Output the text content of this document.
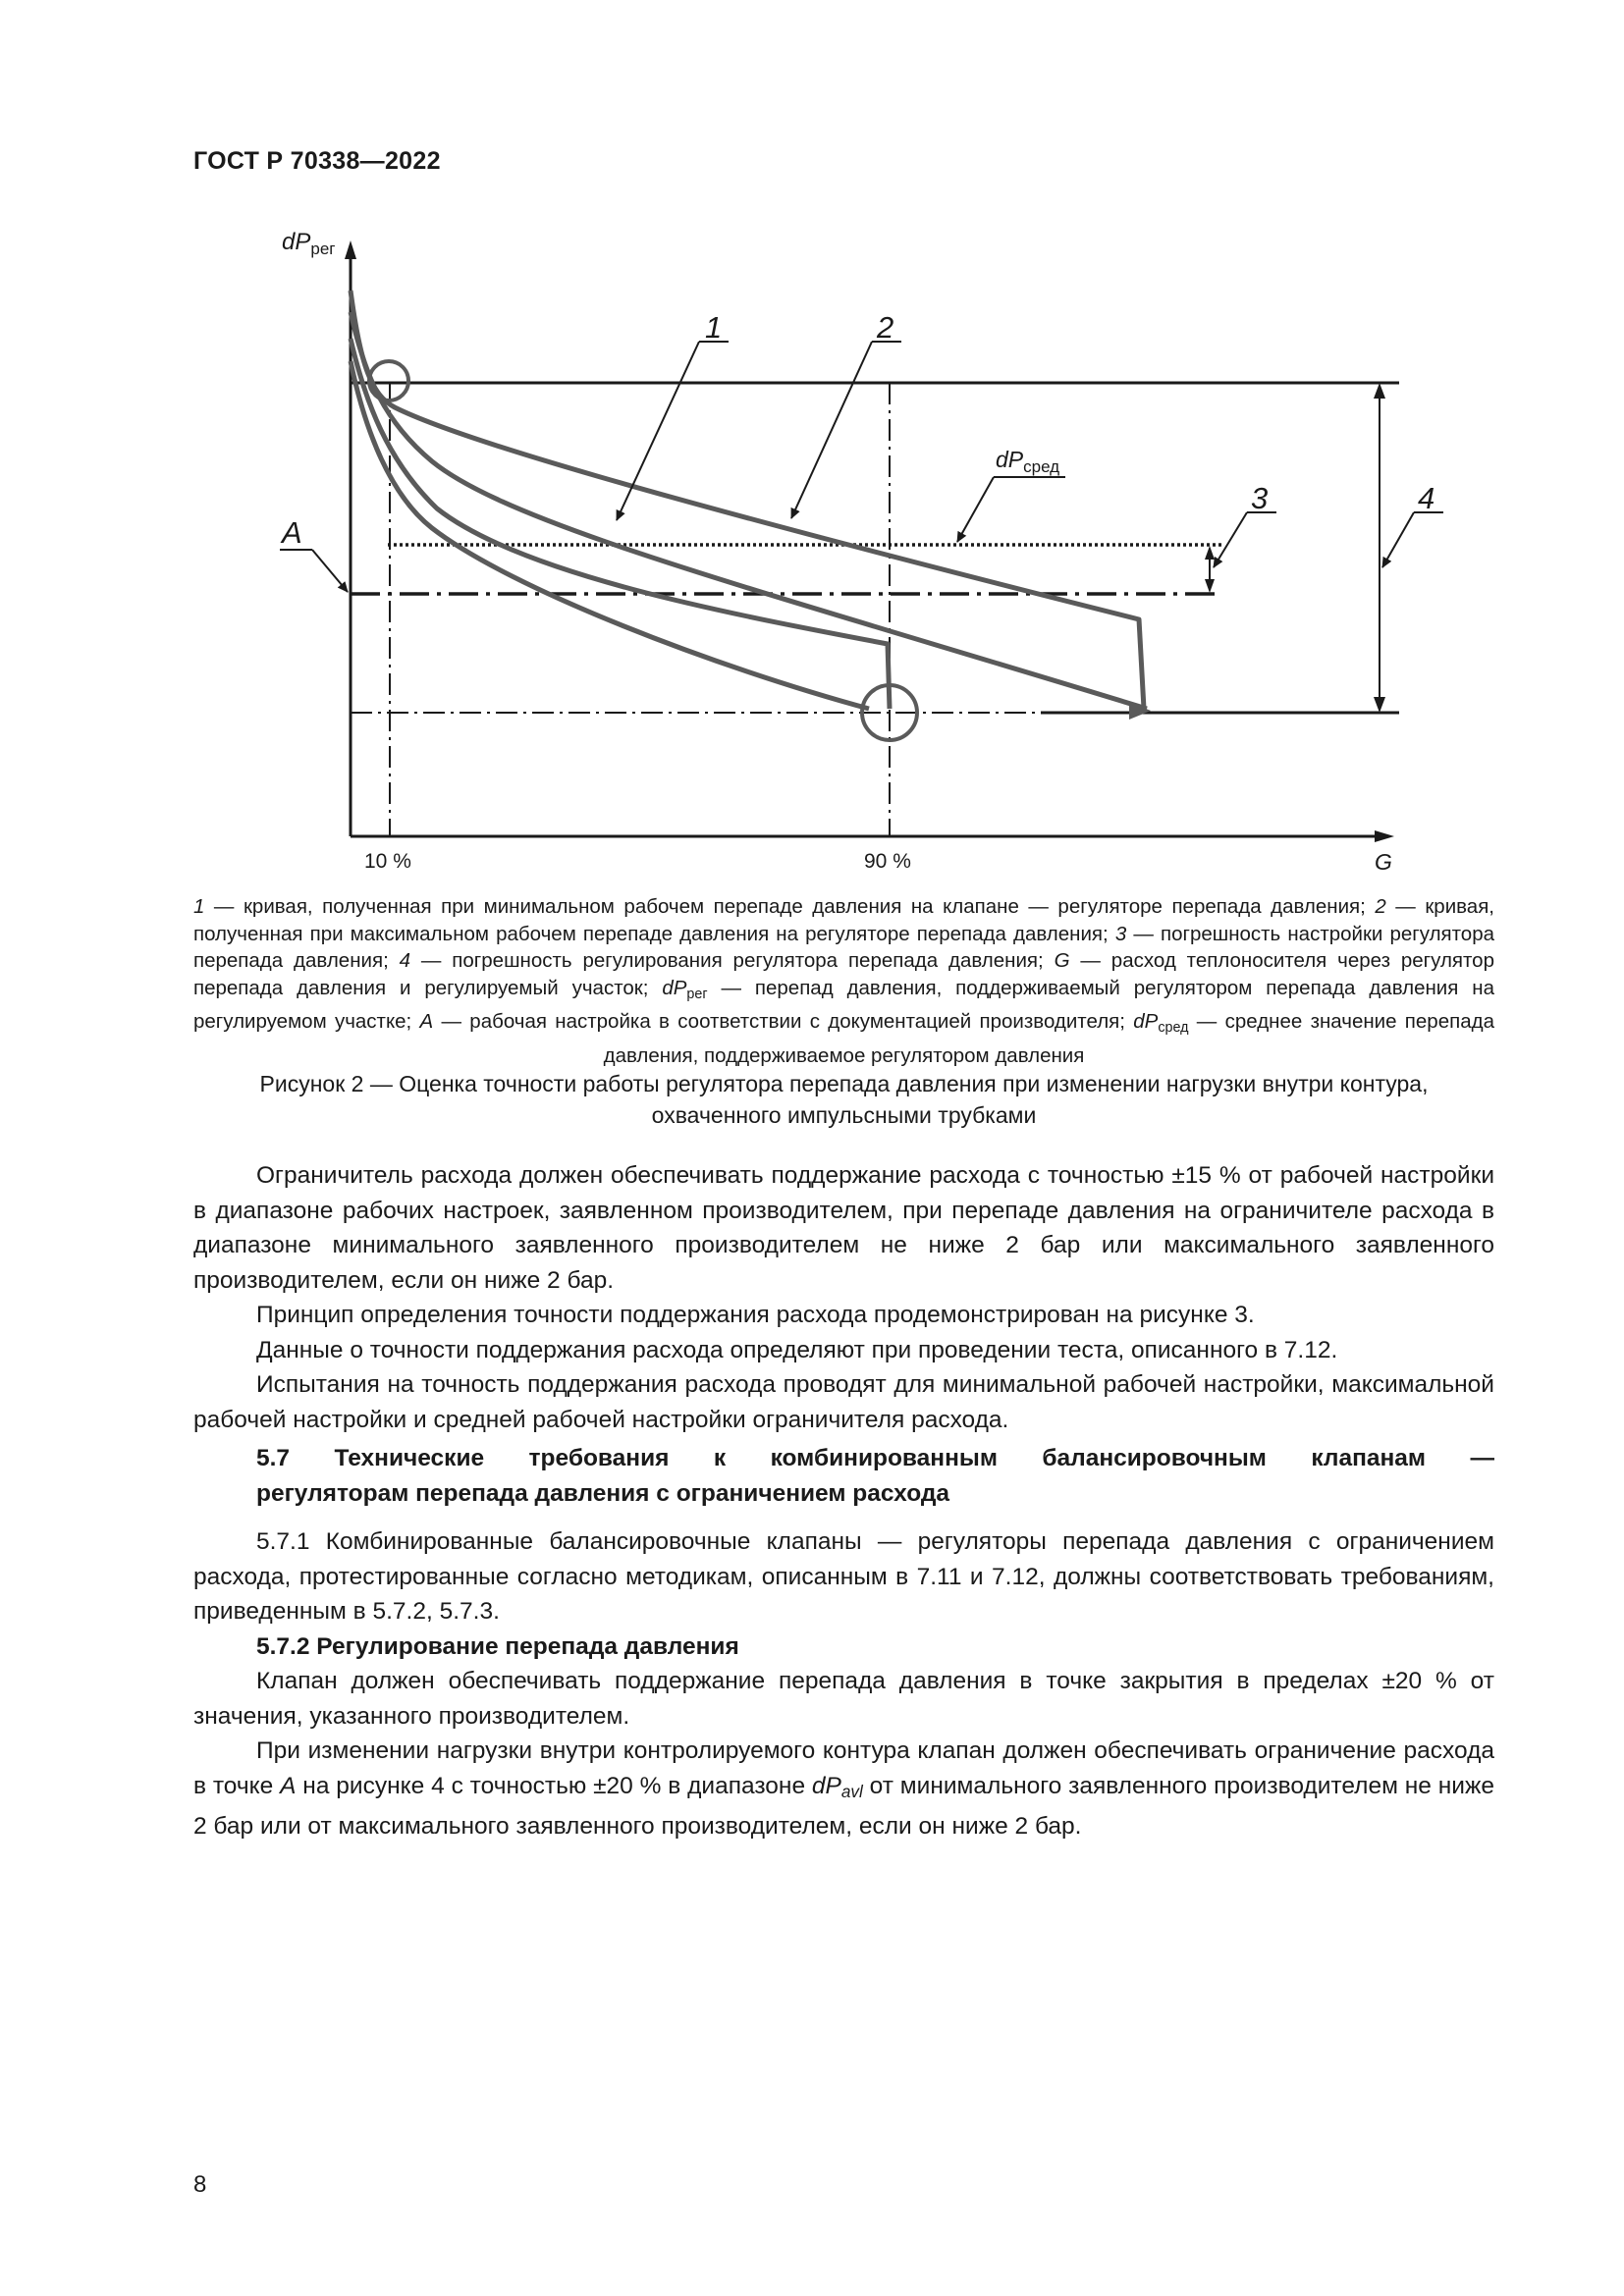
ГОСТ Р 70338—2022
$dP_{рег}$
G
10 %	90 %
1	2
3	4
A
$dP_{сред}$
1 — кривая, полученная при минимальном рабочем перепаде давления на клапане — регуляторе перепада давления; 2 — кривая, полученная при максимальном рабочем перепаде давления на регуляторе перепада давления; 3 — погрешность настройки регулятора перепада давления; 4 — погрешность регулирования регулятора перепада давления; G — расход теплоносителя через регулятор перепада давления и регулируемый участок; $dP_{рег}$ — перепад давления, поддерживаемый регулятором перепада давления на регулируемом участке; A — рабочая настройка в соответствии с документацией производителя; $dP_{сред}$ — среднее значение перепада давления, поддерживаемое регулятором давления
Рисунок 2 — Оценка точности работы регулятора перепада давления при изменении нагрузки внутри контура,
охваченного импульсными трубками

Ограничитель расхода должен обеспечивать поддержание расхода с точностью ±15 % от рабочей настройки в диапазоне рабочих настроек, заявленном производителем, при перепаде давления на ограничителе расхода в диапазоне минимального заявленного производителем не ниже 2 бар или максимального заявленного производителем, если он ниже 2 бар.

Принцип определения точности поддержания расхода продемонстрирован на рисунке 3.

Данные о точности поддержания расхода определяют при проведении теста, описанного в 7.12.

Испытания на точность поддержания расхода проводят для минимальной рабочей настройки, максимальной рабочей настройки и средней рабочей настройки ограничителя расхода.

5.7 Технические требования к комбинированным балансировочным клапанам —
регуляторам перепада давления с ограничением расхода

5.7.1 Комбинированные балансировочные клапаны — регуляторы перепада давления с ограничением расхода, протестированные согласно методикам, описанным в 7.11 и 7.12, должны соответствовать требованиям, приведенным в 5.7.2, 5.7.3.

5.7.2 Регулирование перепада давления

Клапан должен обеспечивать поддержание перепада давления в точке закрытия в пределах ±20 % от значения, указанного производителем.

При изменении нагрузки внутри контролируемого контура клапан должен обеспечивать ограничение расхода в точке A на рисунке 4 с точностью ±20 % в диапазоне $dP_{avl}$ от минимального заявленного производителем не ниже 2 бар или от максимального заявленного производителем, если он ниже 2 бар.

8
